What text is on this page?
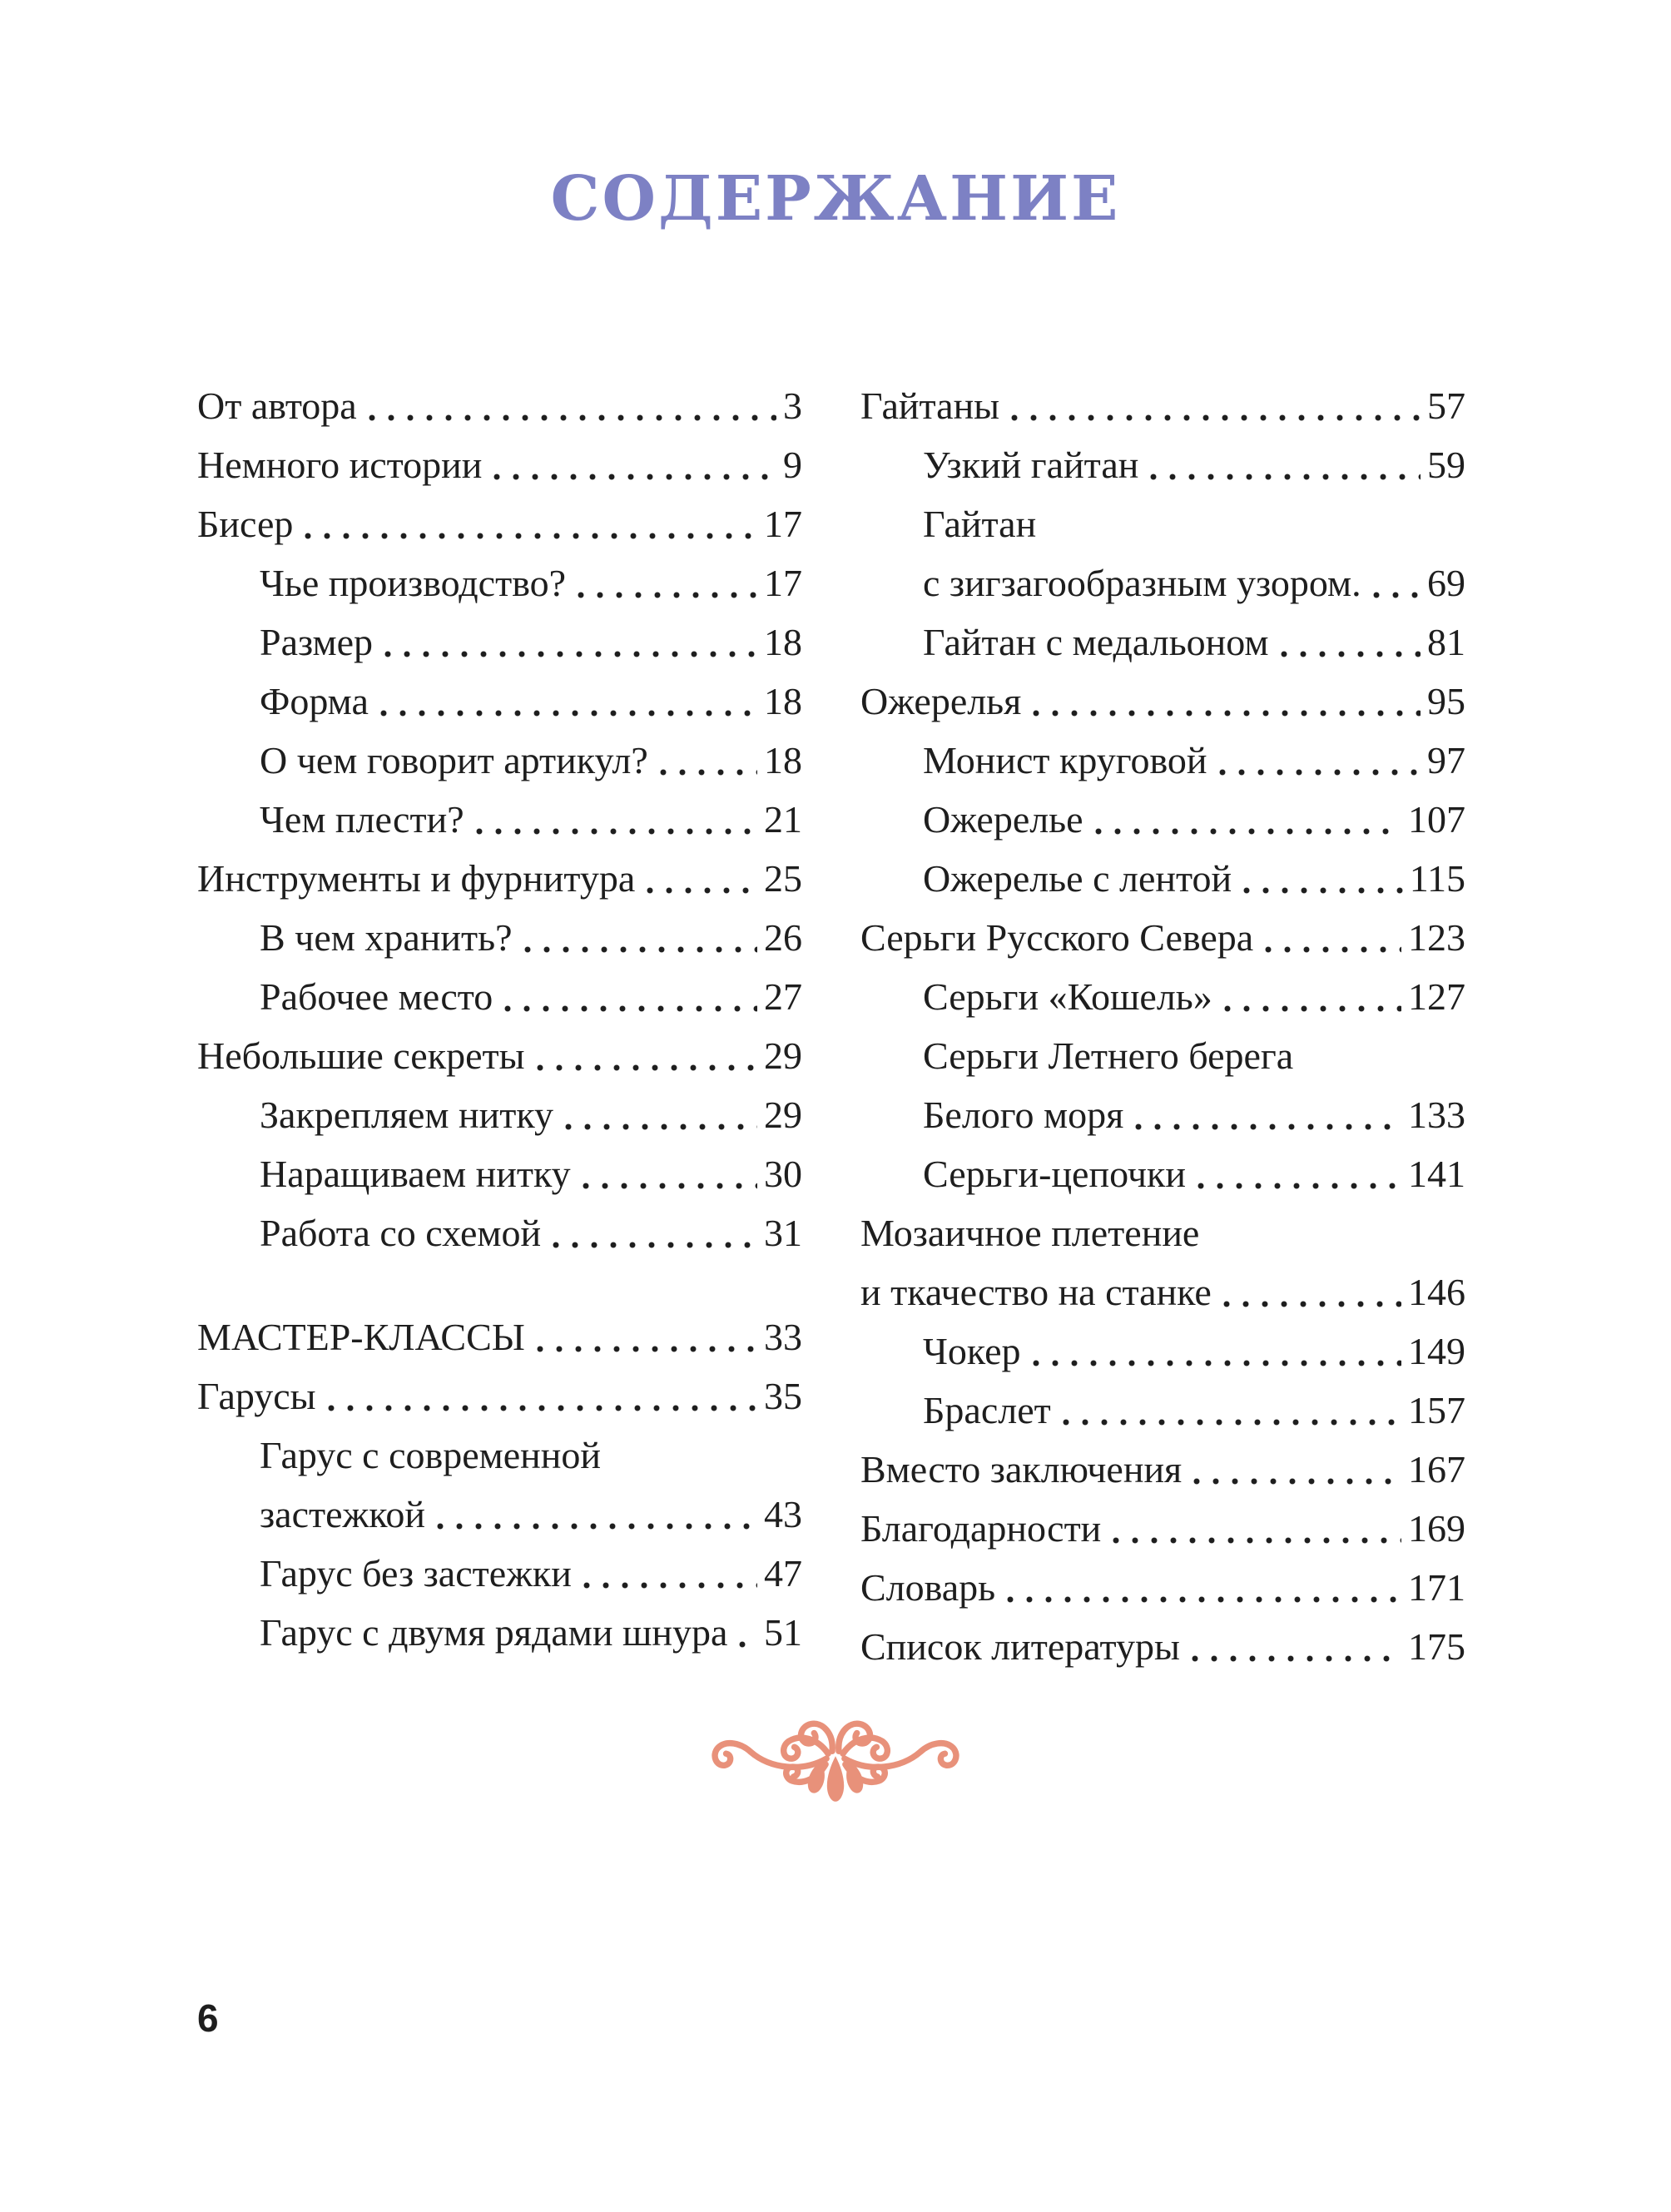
СОДЕРЖАНИЕ
От автора	3
Немного истории	9
Бисер	17
Чье производство?	17
Размер	18
Форма	18
О чем говорит артикул?	18
Чем плести?	21
Инструменты и фурнитура	25
В чем хранить?	26
Рабочее место	27
Небольшие секреты	29
Закрепляем нитку	29
Наращиваем нитку	30
Работа со схемой	31
МАСТЕР-КЛАССЫ	33
Гарусы	35
Гарус с современной
застежкой	43
Гарус без застежки	47
Гарус с двумя рядами шнура 51
Гайтаны	57
Узкий гайтан	59
Гайтан
с зигзагообразным узором. 69
Гайтан с медальоном	81
Ожерелья	95
Монист круговой	97
Ожерелье	107
Ожерелье с лентой	115
Серьги Русского Севера	123
Серьги «Кошель»	127
Серьги Летнего берега
Белого моря	133
Серьги-цепочки	141
Мозаичное плетение
и ткачество на станке	146
Чокер	149
Браслет	157
Вместо заключения	167
Благодарности	169
Словарь	171
Список литературы	175
6
